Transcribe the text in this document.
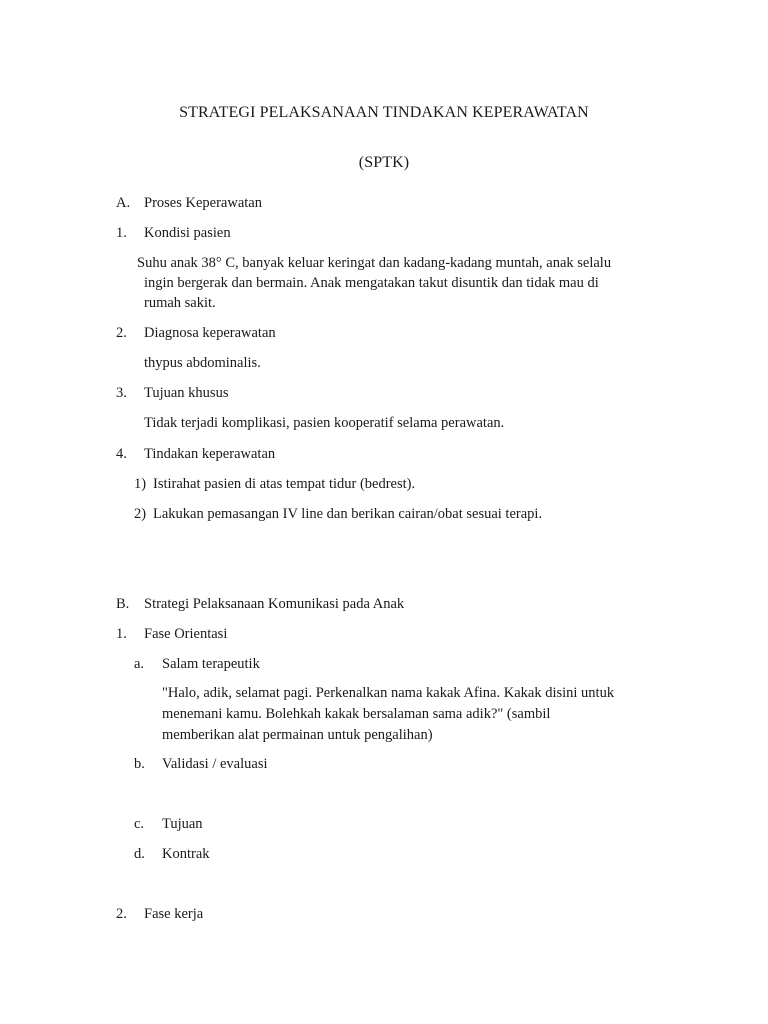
STRATEGI PELAKSANAAN TINDAKAN KEPERAWATAN
(SPTK)
A. Proses Keperawatan
1. Kondisi pasien
Suhu anak 38° C, banyak keluar keringat dan kadang-kadang muntah, anak selalu
ingin bergerak dan bermain. Anak mengatakan takut disuntik dan tidak mau di
rumah sakit.
2. Diagnosa keperawatan
thypus abdominalis.
3. Tujuan khusus
Tidak terjadi komplikasi, pasien kooperatif selama perawatan.
4. Tindakan keperawatan
1) Istirahat pasien di atas tempat tidur (bedrest).
2) Lakukan pemasangan IV line dan berikan cairan/obat sesuai terapi.
B. Strategi Pelaksanaan Komunikasi pada Anak
1. Fase Orientasi
a. Salam terapeutik
"Halo, adik, selamat pagi. Perkenalkan nama kakak Afina. Kakak disini untuk
menemani kamu. Bolehkah kakak bersalaman sama adik?" (sambil
memberikan alat permainan untuk pengalihan)
b. Validasi / evaluasi
c. Tujuan
d. Kontrak
2. Fase kerja
